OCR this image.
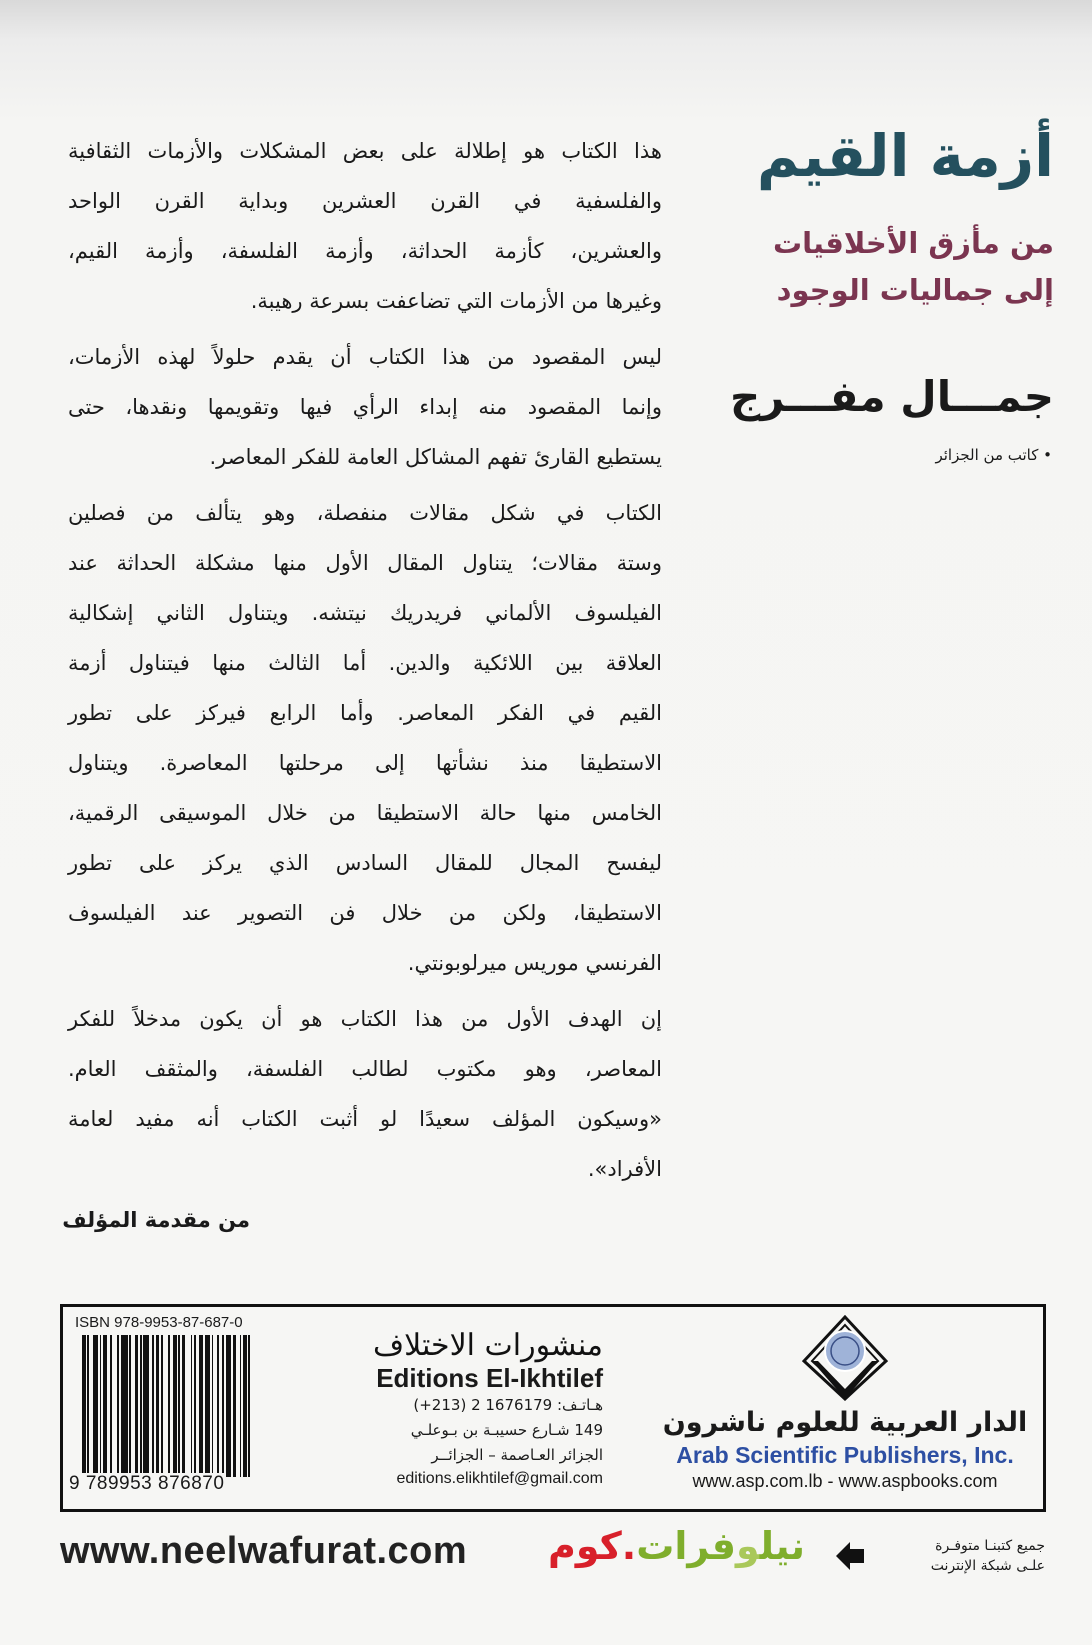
أزمة القيم
من مأزق الأخلاقيات
إلى جماليات الوجود
جمـــال مفـــرج
• كاتب من الجزائر
هذا الكتاب هو إطلالة على بعض المشكلات والأزمات الثقافية
والفلسفية في القرن العشرين وبداية القرن الواحد
والعشرين، كأزمة الحداثة، وأزمة الفلسفة، وأزمة القيم،
وغيرها من الأزمات التي تضاعفت بسرعة رهيبة.
ليس المقصود من هذا الكتاب أن يقدم حلولاً لهذه الأزمات،
وإنما المقصود منه إبداء الرأي فيها وتقويمها ونقدها، حتى
يستطيع القارئ تفهم المشاكل العامة للفكر المعاصر.
الكتاب في شكل مقالات منفصلة، وهو يتألف من فصلين
وستة مقالات؛ يتناول المقال الأول منها مشكلة الحداثة عند
الفيلسوف الألماني فريدريك نيتشه. ويتناول الثاني إشكالية
العلاقة بين اللائكية والدين. أما الثالث منها فيتناول أزمة
القيم في الفكر المعاصر. وأما الرابع فيركز على تطور
الاستطيقا منذ نشأتها إلى مرحلتها المعاصرة. ويتناول
الخامس منها حالة الاستطيقا من خلال الموسيقى الرقمية،
ليفسح المجال للمقال السادس الذي يركز على تطور
الاستطيقا، ولكن من خلال فن التصوير عند الفيلسوف
الفرنسي موريس ميرلوبونتي.
إن الهدف الأول من هذا الكتاب هو أن يكون مدخلاً للفكر
المعاصر، وهو مكتوب لطالب الفلسفة، والمثقف العام.
«وسيكون المؤلف سعيدًا لو أثبت الكتاب أنه مفيد لعامة
الأفراد».
من مقدمة المؤلف
ISBN 978-9953-87-687-0
9 789953 876870
منشورات الاختلاف
Editions El-Ikhtilef
هـاتـف: 1676179 2 (213+)
149 شـارع حسيبـة بن بـوعلـي
الجزائر العـاصمة – الجزائــر
editions.elikhtilef@gmail.com
الدار العربية للعلوم ناشرون
Arab Scientific Publishers, Inc.
www.asp.com.lb - www.aspbooks.com
www.neelwafurat.com	نيلوفرات.كوم	جميع كتبنـا متوفـرة
علـى شبكة الإنترنت
